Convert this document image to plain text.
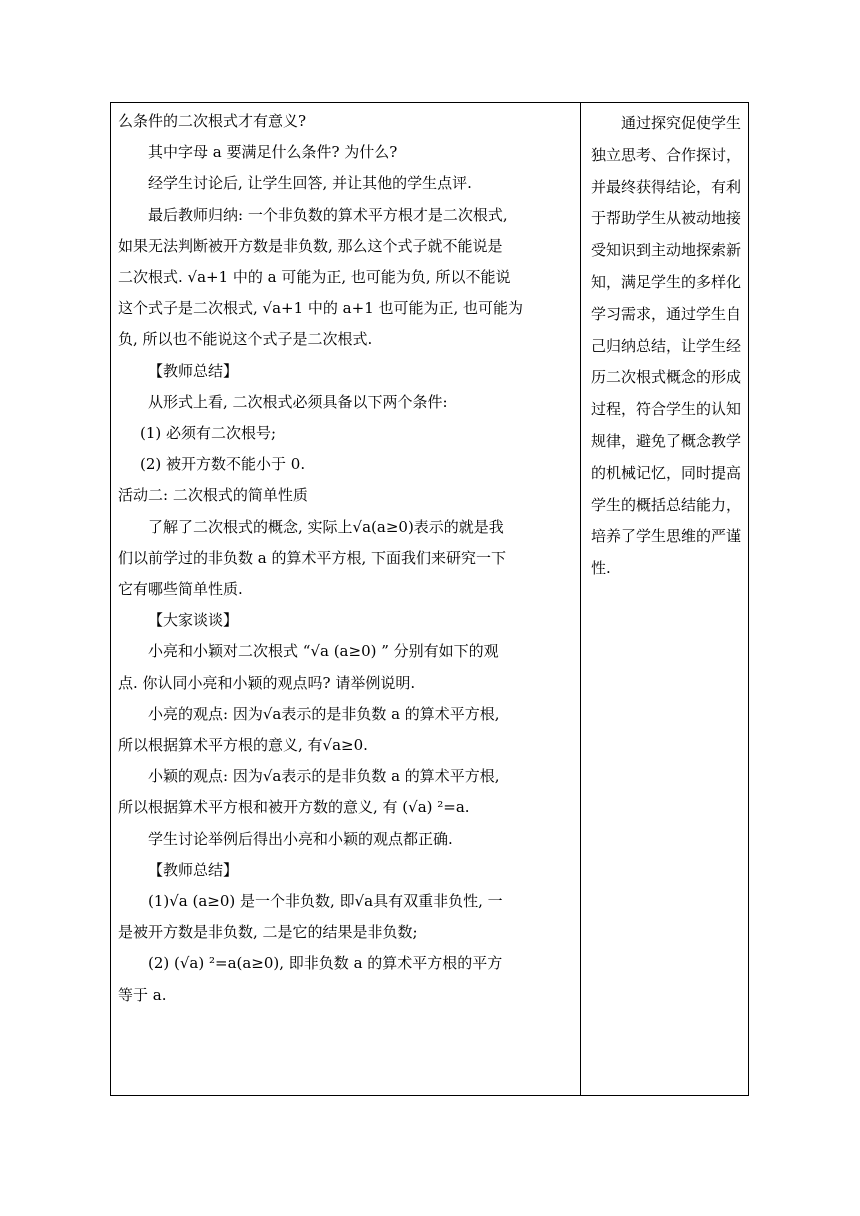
么条件的二次根式才有意义?
其中字母 a 要满足什么条件? 为什么?
经学生讨论后, 让学生回答, 并让其他的学生点评.
最后教师归纳: 一个非负数的算术平方根才是二次根式,
如果无法判断被开方数是非负数, 那么这个式子就不能说是
二次根式. √a+1 中的 a 可能为正, 也可能为负, 所以不能说
这个式子是二次根式, √a+1 中的 a+1 也可能为正, 也可能为
负, 所以也不能说这个式子是二次根式.
【教师总结】
从形式上看, 二次根式必须具备以下两个条件:
(1) 必须有二次根号;
(2) 被开方数不能小于 0.
活动二: 二次根式的简单性质
了解了二次根式的概念, 实际上√a(a≥0)表示的就是我
们以前学过的非负数 a 的算术平方根, 下面我们来研究一下
它有哪些简单性质.
【大家谈谈】
小亮和小颖对二次根式 “√a (a≥0) ” 分别有如下的观
点. 你认同小亮和小颖的观点吗? 请举例说明.
小亮的观点: 因为√a表示的是非负数 a 的算术平方根,
所以根据算术平方根的意义, 有√a≥0.
小颖的观点: 因为√a表示的是非负数 a 的算术平方根,
所以根据算术平方根和被开方数的意义, 有 (√a) ²=a.
学生讨论举例后得出小亮和小颖的观点都正确.
【教师总结】
(1)√a (a≥0) 是一个非负数, 即√a具有双重非负性, 一
是被开方数是非负数, 二是它的结果是非负数;
(2) (√a) ²=a(a≥0), 即非负数 a 的算术平方根的平方
等于 a.
通过探究促使学生独立思考、合作探讨，并最终获得结论，有利于帮助学生从被动地接受知识到主动地探索新知，满足学生的多样化学习需求，通过学生自己归纳总结，让学生经历二次根式概念的形成过程，符合学生的认知规律，避免了概念教学的机械记忆，同时提高学生的概括总结能力，培养了学生思维的严谨性.
